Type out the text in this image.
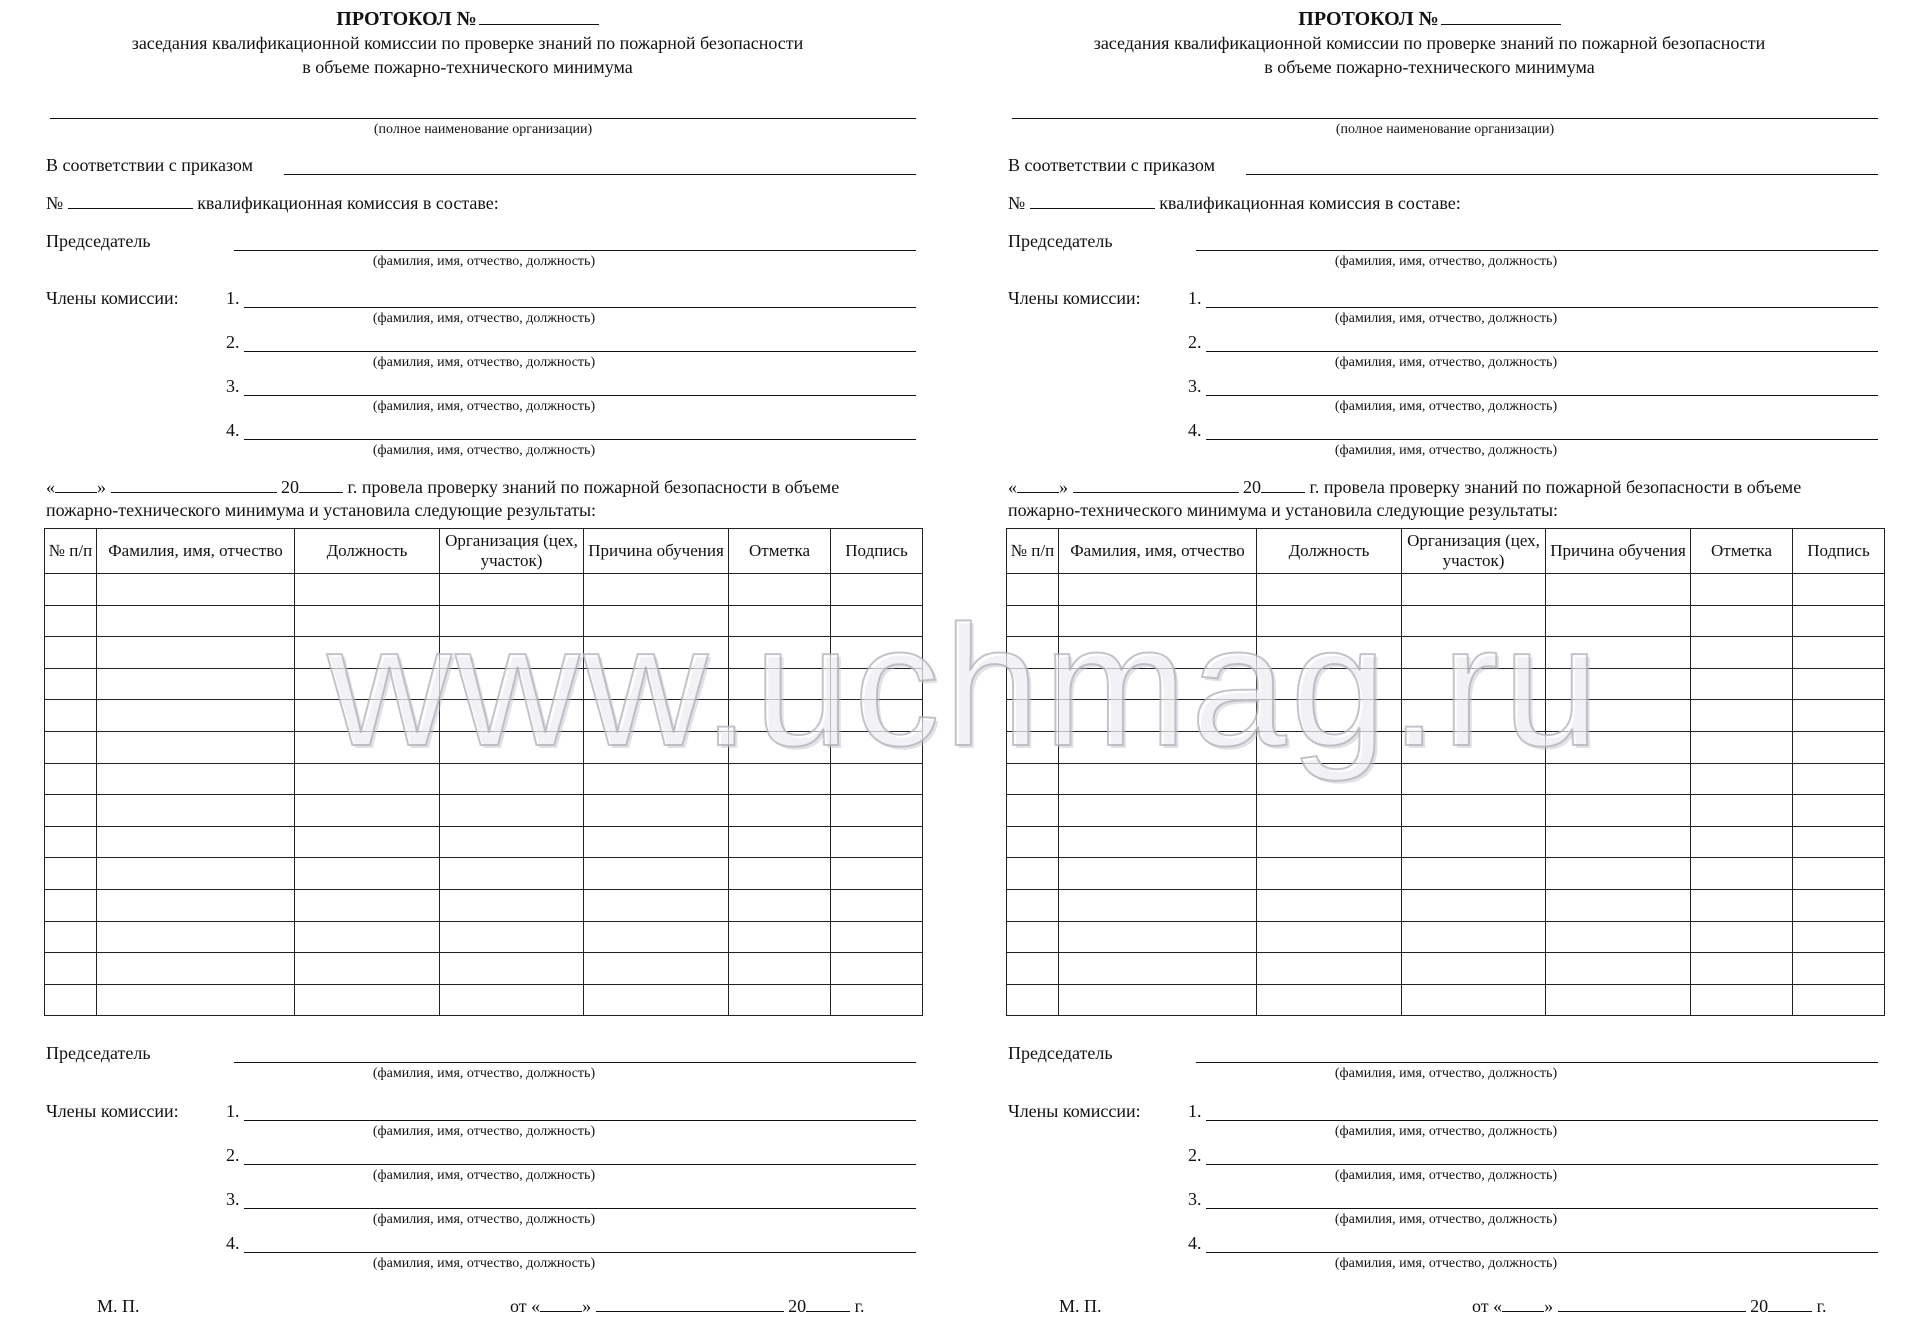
ПРОТОКОЛ №
заседания квалификационной комиссии по проверке знаний по пожарной безопасности
в объеме пожарно-технического минимума
(полное наименование организации)
В соответствии с приказом
№	квалификационная комиссия в составе:
Председатель
(фамилия, имя, отчество, должность)
Члены комиссии:	1.
(фамилия, имя, отчество, должность)
2.
(фамилия, имя, отчество, должность)
3.
(фамилия, имя, отчество, должность)
4.
(фамилия, имя, отчество, должность)
« »	20	г. провела проверку знаний по пожарной безопасности в объеме
пожарно-технического минимума и установила следующие результаты:
№ п/п	Фамилия, имя, отчество	Должность	Организация (цех, участок)	Причина обучения	Отметка	Подпись

Председатель
(фамилия, имя, отчество, должность)
Члены комиссии:	1.
(фамилия, имя, отчество, должность)
2.
(фамилия, имя, отчество, должность)
3.
(фамилия, имя, отчество, должность)
4.
(фамилия, имя, отчество, должность)
М. П.	от « »	20	г.
ПРОТОКОЛ №
заседания квалификационной комиссии по проверке знаний по пожарной безопасности
в объеме пожарно-технического минимума
(полное наименование организации)
В соответствии с приказом
№	квалификационная комиссия в составе:
Председатель
(фамилия, имя, отчество, должность)
Члены комиссии:	1.
(фамилия, имя, отчество, должность)
2.
(фамилия, имя, отчество, должность)
3.
(фамилия, имя, отчество, должность)
4.
(фамилия, имя, отчество, должность)
« »	20	г. провела проверку знаний по пожарной безопасности в объеме
пожарно-технического минимума и установила следующие результаты:
№ п/п	Фамилия, имя, отчество	Должность	Организация (цех, участок)	Причина обучения	Отметка	Подпись

Председатель
(фамилия, имя, отчество, должность)
Члены комиссии:	1.
(фамилия, имя, отчество, должность)
2.
(фамилия, имя, отчество, должность)
3.
(фамилия, имя, отчество, должность)
4.
(фамилия, имя, отчество, должность)
М. П.	от « »	20	г.
www.uchmag.ru
